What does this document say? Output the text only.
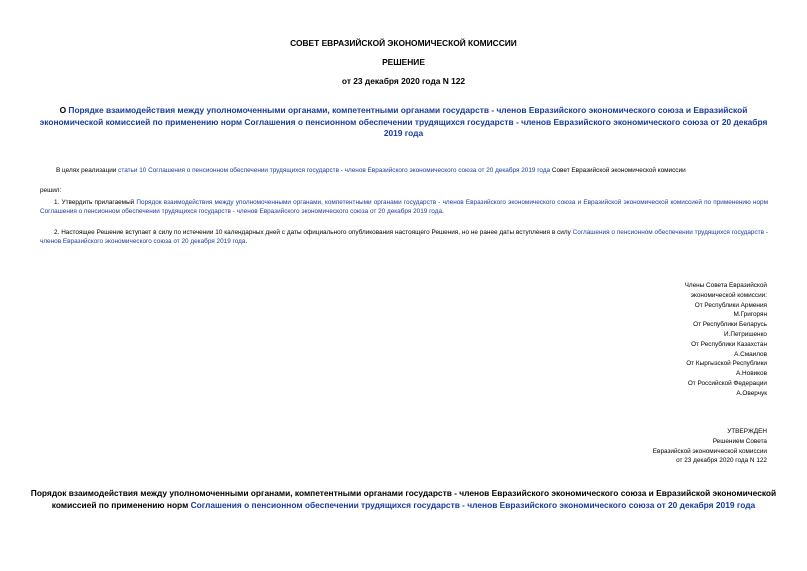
СОВЕТ ЕВРАЗИЙСКОЙ ЭКОНОМИЧЕСКОЙ КОМИССИИ
РЕШЕНИЕ
от 23 декабря 2020 года N 122
О Порядке взаимодействия между уполномоченными органами, компетентными органами государств - членов Евразийского экономического союза и Евразийской экономической комиссией по применению норм Соглашения о пенсионном обеспечении трудящихся государств - членов Евразийского экономического союза от 20 декабря 2019 года
В целях реализации статьи 10 Соглашения о пенсионном обеспечении трудящихся государств - членов Евразийского экономического союза от 20 декабря 2019 года Совет Евразийской экономической комиссии
решил:
1. Утвердить прилагаемый Порядок взаимодействия между уполномоченными органами, компетентными органами государств - членов Евразийского экономического союза и Евразийской экономической комиссией по применению норм Соглашения о пенсионном обеспечении трудящихся государств - членов Евразийского экономического союза от 20 декабря 2019 года.
2. Настоящее Решение вступает в силу по истечении 10 календарных дней с даты официального опубликования настоящего Решения, но не ранее даты вступления в силу Соглашения о пенсионном обеспечении трудящихся государств - членов Евразийского экономического союза от 20 декабря 2019 года.
Члены Совета Евразийской
экономической комиссии:
От Республики Армения
М.Григорян
От Республики Беларусь
И.Петришенко
От Республики Казахстан
А.Смаилов
От Кыргызской Республики
А.Новиков
От Российской Федерации
А.Оверчук
УТВЕРЖДЕН
Решением Совета
Евразийской экономической комиссии
от 23 декабря 2020 года N 122
Порядок взаимодействия между уполномоченными органами, компетентными органами государств - членов Евразийского экономического союза и Евразийской экономической комиссией по применению норм Соглашения о пенсионном обеспечении трудящихся государств - членов Евразийского экономического союза от 20 декабря 2019 года
